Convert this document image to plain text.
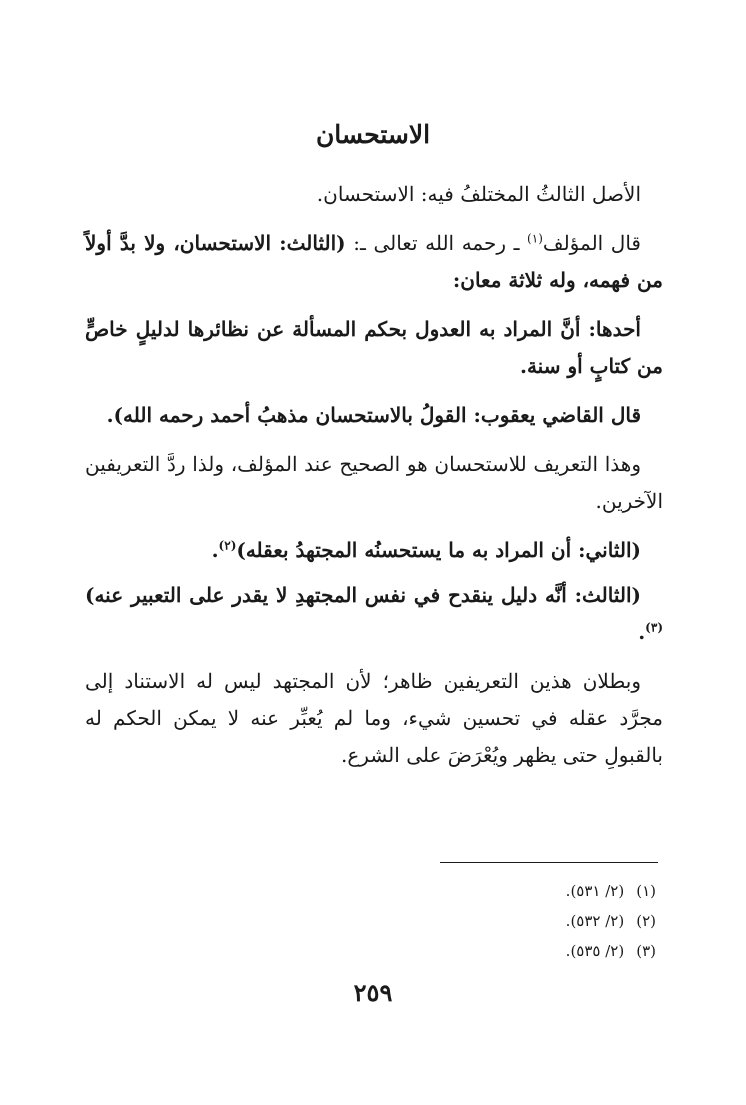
الاستحسان

الأصل الثالثُ المختلفُ فيه: الاستحسان.

قال المؤلف$^{(١)}$ ـ رحمه الله تعالى ـ: (الثالث: الاستحسان، ولا بدَّ أولاً من فهمه، وله ثلاثة معان:

أحدها: أنَّ المراد به العدول بحكم المسألة عن نظائرها لدليلٍ خاصٍّ من كتابٍ أو سنة.

قال القاضي يعقوب: القولُ بالاستحسان مذهبُ أحمد رحمه الله).

وهذا التعريف للاستحسان هو الصحيح عند المؤلف، ولذا ردَّ التعريفين الآخرين.

(الثاني: أن المراد به ما يستحسنُه المجتهدُ بعقله)$^{(٢)}$.

(الثالث: أنَّه دليل ينقدح في نفس المجتهدِ لا يقدر على التعبير عنه)$^{(٣)}$.

وبطلان هذين التعريفين ظاهر؛ لأن المجتهد ليس له الاستناد إلى مجرَّد عقله في تحسين شيء، وما لم يُعبِّر عنه لا يمكن الحكم له بالقبولِ حتى يظهر ويُعْرَضَ على الشرع.

(١)
(٢/ ٥٣١).
(٢)
(٢/ ٥٣٢).
(٣)
(٢/ ٥٣٥).
٢٥٩
